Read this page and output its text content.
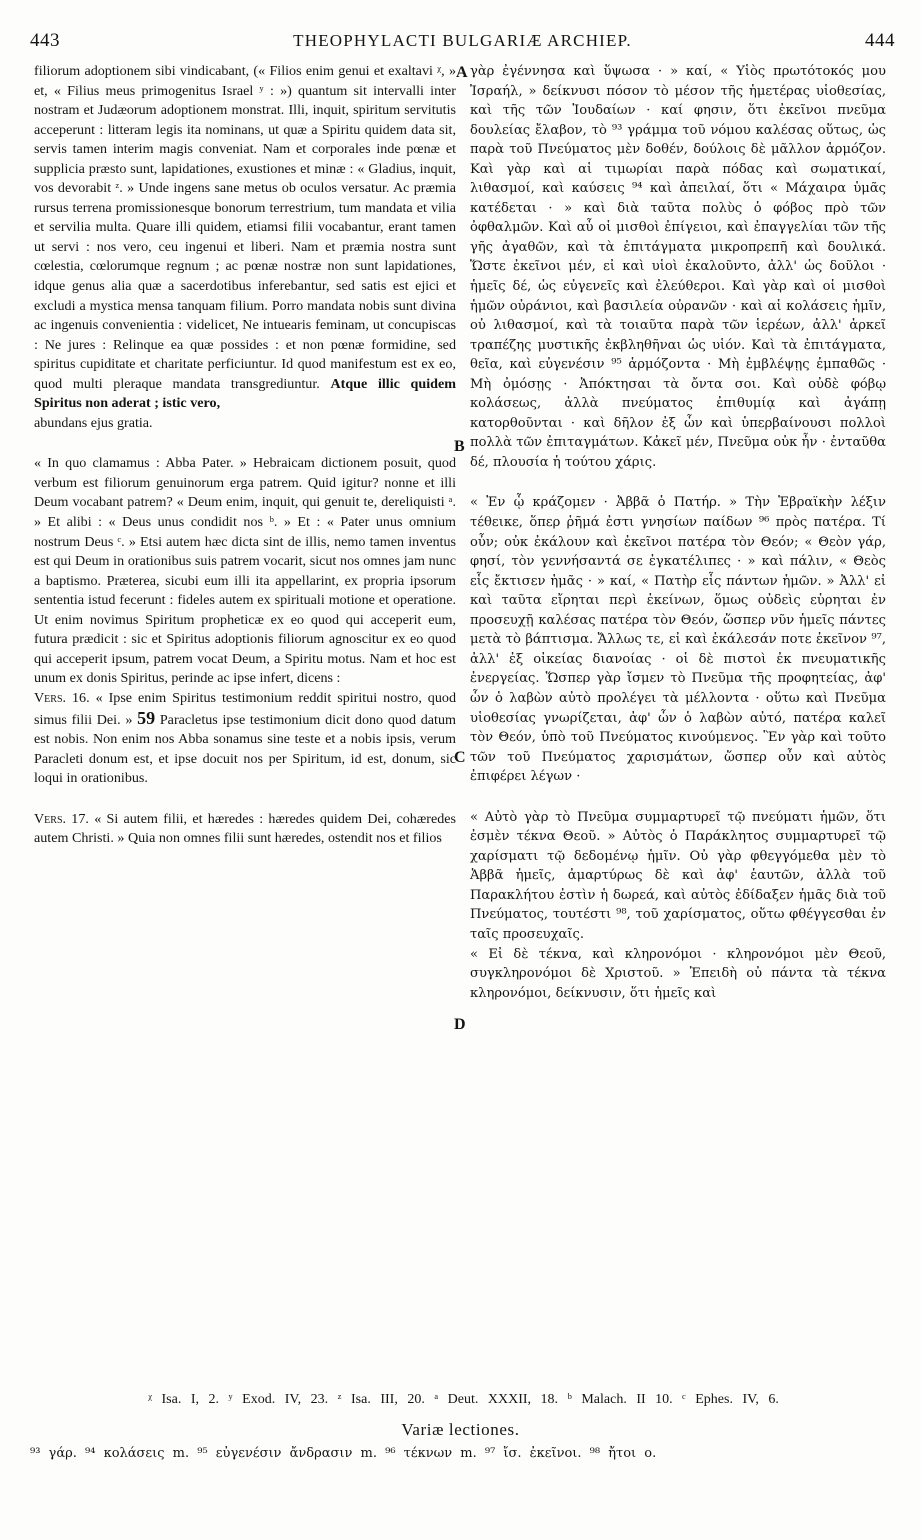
443	THEOPHYLACTI BULGARIÆ ARCHIEP.	444

filiorum adoptionem sibi vindicabant, (« Filios enim genui et exaltavi ᵡ, » et, « Filius meus primogenitus Israel ʸ : ») quantum sit intervalli inter nostram et Judæorum adoptionem monstrat. Illi, inquit, spiritum servitutis acceperunt : litteram legis ita nominans, ut quæ a Spiritu quidem data sit, servis tamen interim magis conveniat. Nam et corporales inde pœnæ et supplicia præsto sunt, lapidationes, exustiones et minæ : « Gladius, inquit, vos devorabit ᶻ. » Unde ingens sane metus ob oculos versatur. Ac præmia rursus terrena promissionesque bonorum terrestrium, tum mandata et vilia et servilia multa. Quare illi quidem, etiamsi filii vocabantur, erant tamen ut servi : nos vero, ceu ingenui et liberi. Nam et præmia nostra sunt cœlestia, cœlorumque regnum ; ac pœnæ nostræ non sunt lapidationes, idque genus alia quæ a sacerdotibus inferebantur, sed satis est ejici et excludi a mystica mensa tanquam filium. Porro mandata nobis sunt divina ac ingenuis convenientia : videlicet, Ne intuearis feminam, ut concupiscas : Ne jures : Relinque ea quæ possides : et non pœnæ formidine, sed spiritus cupiditate et charitate perficiuntur. Id quod manifestum est ex eo, quod multi pleraque mandata transgrediuntur. Atque illic quidem Spiritus non aderat ; istic vero,

abundans ejus gratia.

« In quo clamamus : Abba Pater. » Hebraicam dictionem posuit, quod verbum est filiorum genuinorum erga patrem. Quid igitur? nonne et illi Deum vocabant patrem? « Deum enim, inquit, qui genuit te, dereliquisti ᵃ. » Et alibi : « Deus unus condidit nos ᵇ. » Et : « Pater unus omnium nostrum Deus ᶜ. » Etsi autem hæc dicta sint de illis, nemo tamen inventus est qui Deum in orationibus suis patrem vocarit, sicut nos omnes jam nunc a baptismo. Præterea, sicubi eum illi ita appellarint, ex propria ipsorum sententia istud fecerunt : fideles autem ex spirituali motione et operatione. Ut enim novimus Spiritum propheticæ ex eo quod qui acceperit eum, futura prædicit : sic et Spiritus adoptionis filiorum agnoscitur ex eo quod qui acceperit ipsum, patrem vocat Deum, a Spiritu motus. Nam et hoc est unum ex donis Spiritus, perinde ac ipse infert, dicens :

Vers. 16. « Ipse enim Spiritus testimonium reddit spiritui nostro, quod simus filii Dei. » 59 Paracletus ipse testimonium dicit dono quod datum est nobis. Non enim nos Abba sonamus sine teste et a nobis ipsis, verum Paracleti donum est, et ipse docuit nos per Spiritum, id est, donum, sic loqui in orationibus.

Vers. 17. « Si autem filii, et hæredes : hæredes quidem Dei, cohæredes autem Christi. » Quia non omnes filii sunt hæredes, ostendit nos et filios

γὰρ ἐγέννησα καὶ ὕψωσα · » καί, « Υἱὸς πρωτότοκός μου Ἰσραήλ, » δείκνυσι πόσον τὸ μέσον τῆς ἡμετέρας υἱοθεσίας, καὶ τῆς τῶν Ἰουδαίων · καί φησιν, ὅτι ἐκεῖνοι πνεῦμα δουλείας ἔλαβον, τὸ ⁹³ γράμμα τοῦ νόμου καλέσας οὕτως, ὡς παρὰ τοῦ Πνεύματος μὲν δοθέν, δούλοις δὲ μᾶλλον ἁρμόζον. Καὶ γὰρ καὶ αἱ τιμωρίαι παρὰ πόδας καὶ σωματικαί, λιθασμοί, καὶ καύσεις ⁹⁴ καὶ ἀπειλαί, ὅτι « Μάχαιρα ὑμᾶς κατέδεται · » καὶ διὰ ταῦτα πολὺς ὁ φόβος πρὸ τῶν ὀφθαλμῶν. Καὶ αὖ οἱ μισθοὶ ἐπίγειοι, καὶ ἐπαγγελίαι τῶν τῆς γῆς ἀγαθῶν, καὶ τὰ ἐπιτάγματα μικροπρεπῆ καὶ δουλικά. Ὥστε ἐκεῖνοι μέν, εἰ καὶ υἱοὶ ἐκαλοῦντο, ἀλλ' ὡς δοῦλοι · ἡμεῖς δέ, ὡς εὐγενεῖς καὶ ἐλεύθεροι. Καὶ γὰρ καὶ οἱ μισθοὶ ἡμῶν οὐράνιοι, καὶ βασιλεία οὐρανῶν · καὶ αἱ κολάσεις ἡμῖν, οὐ λιθασμοί, καὶ τὰ τοιαῦτα παρὰ τῶν ἱερέων, ἀλλ' ἀρκεῖ τραπέζης μυστικῆς ἐκβληθῆναι ὡς υἱόν. Καὶ τὰ ἐπιτάγματα, θεῖα, καὶ εὐγενέσιν ⁹⁵ ἁρμόζοντα · Μὴ ἐμβλέψῃς ἐμπαθῶς · Μὴ ὀμόσῃς · Ἀπόκτησαι τὰ ὄντα σοι. Καὶ οὐδὲ φόβῳ κολάσεως, ἀλλὰ πνεύματος ἐπιθυμίᾳ καὶ ἀγάπῃ κατορθοῦνται · καὶ δῆλον ἐξ ὧν καὶ ὑπερβαίνουσι πολλοὶ πολλὰ τῶν ἐπιταγμάτων. Κἀκεῖ μέν, Πνεῦμα οὐκ ἦν · ἐνταῦθα δέ, πλουσία ἡ τούτου χάρις.

« Ἐν ᾧ κράζομεν · Ἀββᾶ ὁ Πατήρ. » Τὴν Ἑβραϊκὴν λέξιν τέθεικε, ὅπερ ῥῆμά ἐστι γνησίων παίδων ⁹⁶ πρὸς πατέρα. Τί οὖν; οὐκ ἐκάλουν καὶ ἐκεῖνοι πατέρα τὸν Θεόν; « Θεὸν γάρ, φησί, τὸν γεννήσαντά σε ἐγκατέλιπες · » καὶ πάλιν, « Θεὸς εἷς ἔκτισεν ἡμᾶς · » καί, « Πατὴρ εἷς πάντων ἡμῶν. » Ἀλλ' εἰ καὶ ταῦτα εἴρηται περὶ ἐκείνων, ὅμως οὐδεὶς εὑρηται ἐν προσευχῇ καλέσας πατέρα τὸν Θεόν, ὥσπερ νῦν ἡμεῖς πάντες μετὰ τὸ βάπτισμα. Ἄλλως τε, εἰ καὶ ἐκάλεσάν ποτε ἐκεῖνον ⁹⁷, ἀλλ' ἐξ οἰκείας διανοίας · οἱ δὲ πιστοὶ ἐκ πνευματικῆς ἐνεργείας. Ὥσπερ γὰρ ἴσμεν τὸ Πνεῦμα τῆς προφητείας, ἀφ' ὧν ὁ λαβὼν αὐτὸ προλέγει τὰ μέλλοντα · οὕτω καὶ Πνεῦμα υἱοθεσίας γνωρίζεται, ἀφ' ὧν ὁ λαβὼν αὐτό, πατέρα καλεῖ τὸν Θεόν, ὑπὸ τοῦ Πνεύματος κινούμενος. Ἓν γὰρ καὶ τοῦτο τῶν τοῦ Πνεύματος χαρισμάτων, ὥσπερ οὖν καὶ αὐτὸς ἐπιφέρει λέγων ·

« Αὐτὸ γὰρ τὸ Πνεῦμα συμμαρτυρεῖ τῷ πνεύματι ἡμῶν, ὅτι ἐσμὲν τέκνα Θεοῦ. » Αὐτὸς ὁ Παράκλητος συμμαρτυρεῖ τῷ χαρίσματι τῷ δεδομένῳ ἡμῖν. Οὐ γὰρ φθεγγόμεθα μὲν τὸ Ἀββᾶ ἡμεῖς, ἀμαρτύρως δὲ καὶ ἀφ' ἑαυτῶν, ἀλλὰ τοῦ Παρακλήτου ἐστὶν ἡ δωρεά, καὶ αὐτὸς ἐδίδαξεν ἡμᾶς διὰ τοῦ Πνεύματος, τουτέστι ⁹⁸, τοῦ χαρίσματος, οὕτω φθέγγεσθαι ἐν ταῖς προσευχαῖς.

« Εἰ δὲ τέκνα, καὶ κληρονόμοι · κληρονόμοι μὲν Θεοῦ, συγκληρονόμοι δὲ Χριστοῦ. » Ἐπειδὴ οὐ πάντα τὰ τέκνα κληρονόμοι, δείκνυσιν, ὅτι ἡμεῖς καὶ

A
B
C
D
ᵡ Isa. I, 2. ʸ Exod. IV, 23. ᶻ Isa. III, 20. ᵃ Deut. XXXII, 18. ᵇ Malach. II 10. ᶜ Ephes. IV, 6.
Variæ lectiones.
⁹³ γάρ. ⁹⁴ κολάσεις m. ⁹⁵ εὐγενέσιν ἄνδρασιν m. ⁹⁶ τέκνων m. ⁹⁷ ἴσ. ἐκεῖνοι. ⁹⁸ ἤτοι ο.
